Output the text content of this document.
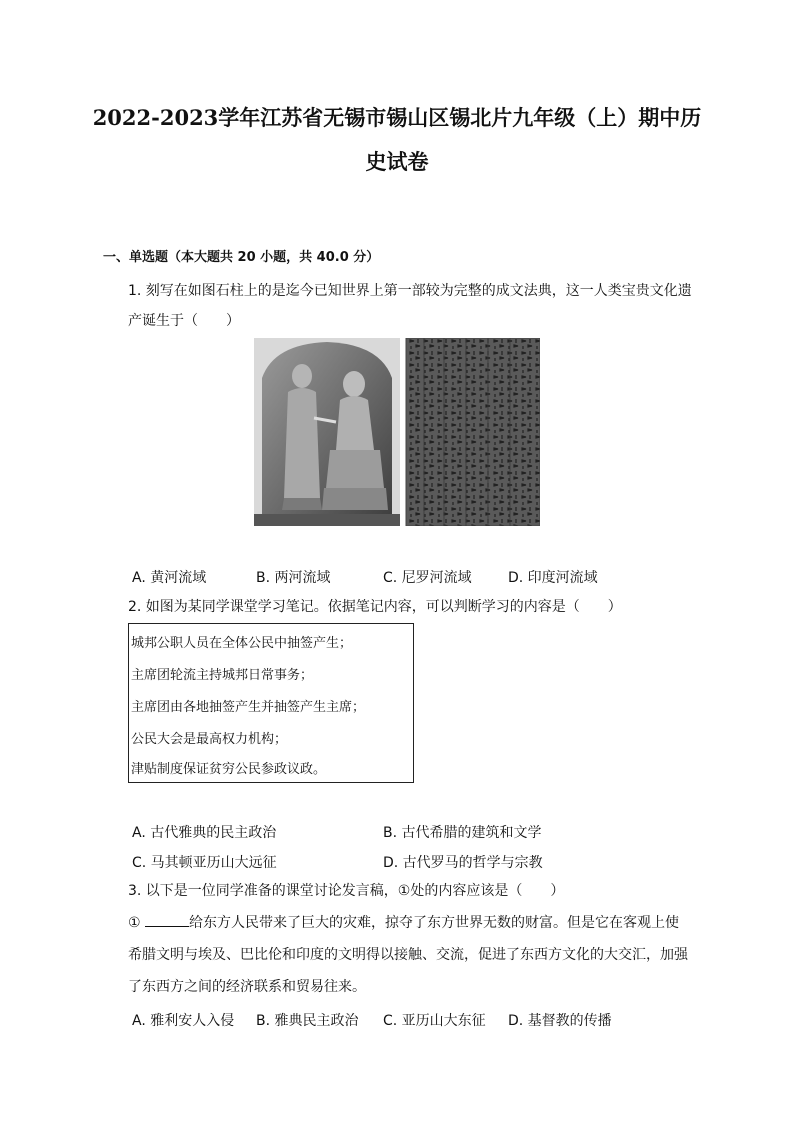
2022-2023学年江苏省无锡市锡山区锡北片九年级（上）期中历
史试卷
一、单选题（本大题共 20 小题，共 40.0 分）
1. 刻写在如图石柱上的是迄今已知世界上第一部较为完整的成文法典，这一人类宝贵文化遗
产诞生于（　　）
A. 黄河流域	B. 两河流域	C. 尼罗河流域	D. 印度河流域
2. 如图为某同学课堂学习笔记。依据笔记内容，可以判断学习的内容是（　　）
城邦公职人员在全体公民中抽签产生；
主席团轮流主持城邦日常事务；
主席团由各地抽签产生并抽签产生主席；
公民大会是最高权力机构；
津贴制度保证贫穷公民参政议政。
A. 古代雅典的民主政治	B. 古代希腊的建筑和文学
C. 马其顿亚历山大远征	D. 古代罗马的哲学与宗教
3. 以下是一位同学准备的课堂讨论发言稿，①处的内容应该是（　　）
①	给东方人民带来了巨大的灾难，掠夺了东方世界无数的财富。但是它在客观上使
希腊文明与埃及、巴比伦和印度的文明得以接触、交流，促进了东西方文化的大交汇，加强
了东西方之间的经济联系和贸易往来。
A. 雅利安人入侵 B. 雅典民主政治 C. 亚历山大东征 D. 基督教的传播
